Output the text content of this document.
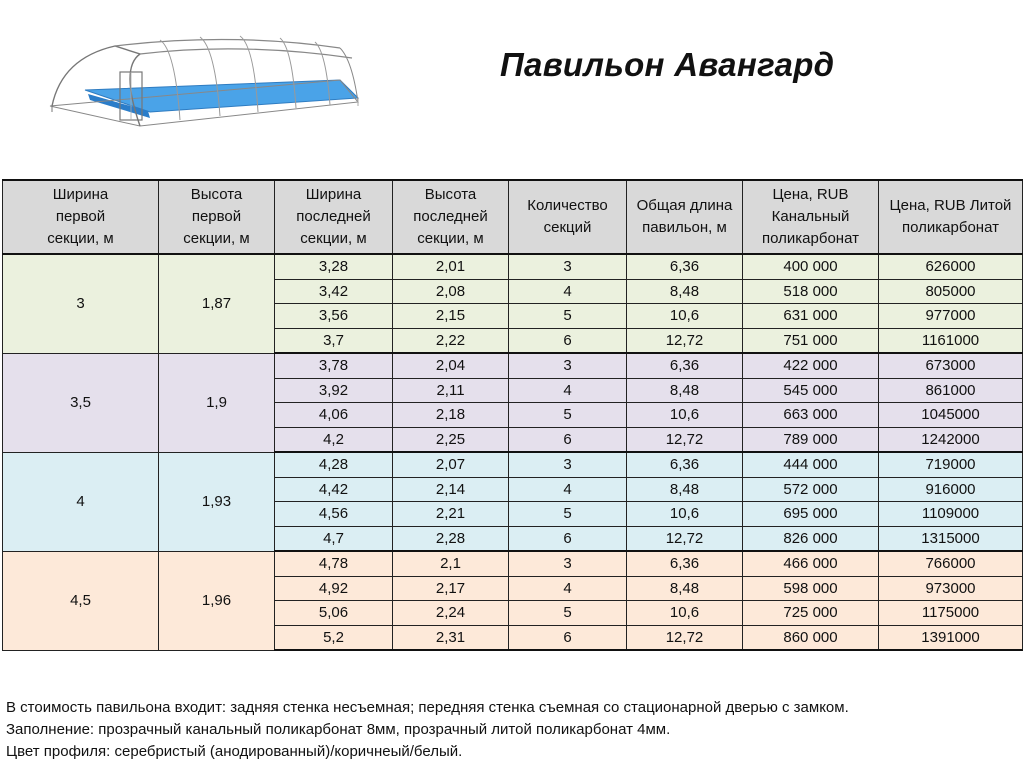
Павильон Авангард
Ширина
первой
секции, м	Высота
первой
секции, м	Ширина
последней
секции, м	Высота
последней
секции, м	Количество
секций	Общая длина
павильон, м	Цена, RUB
Канальный
поликарбонат	Цена, RUB Литой
поликарбонат
3	1,87	3,28	2,01	3	6,36	400 000	626000
		3,42	2,08	4	8,48	518 000	805000
		3,56	2,15	5	10,6	631 000	977000
		3,7	2,22	6	12,72	751 000	1161000
3,5	1,9	3,78	2,04	3	6,36	422 000	673000
		3,92	2,11	4	8,48	545 000	861000
		4,06	2,18	5	10,6	663 000	1045000
		4,2	2,25	6	12,72	789 000	1242000
4	1,93	4,28	2,07	3	6,36	444 000	719000
		4,42	2,14	4	8,48	572 000	916000
		4,56	2,21	5	10,6	695 000	1109000
		4,7	2,28	6	12,72	826 000	1315000
4,5	1,96	4,78	2,1	3	6,36	466 000	766000
		4,92	2,17	4	8,48	598 000	973000
		5,06	2,24	5	10,6	725 000	1175000
		5,2	2,31	6	12,72	860 000	1391000
В стоимость павильона входит: задняя стенка несъемная; передняя стенка съемная со стационарной дверью с замком.
Заполнение: прозрачный канальный поликарбонат 8мм, прозрачный литой поликарбонат 4мм.
Цвет профиля: серебристый (анодированный)/коричнеый/белый.
